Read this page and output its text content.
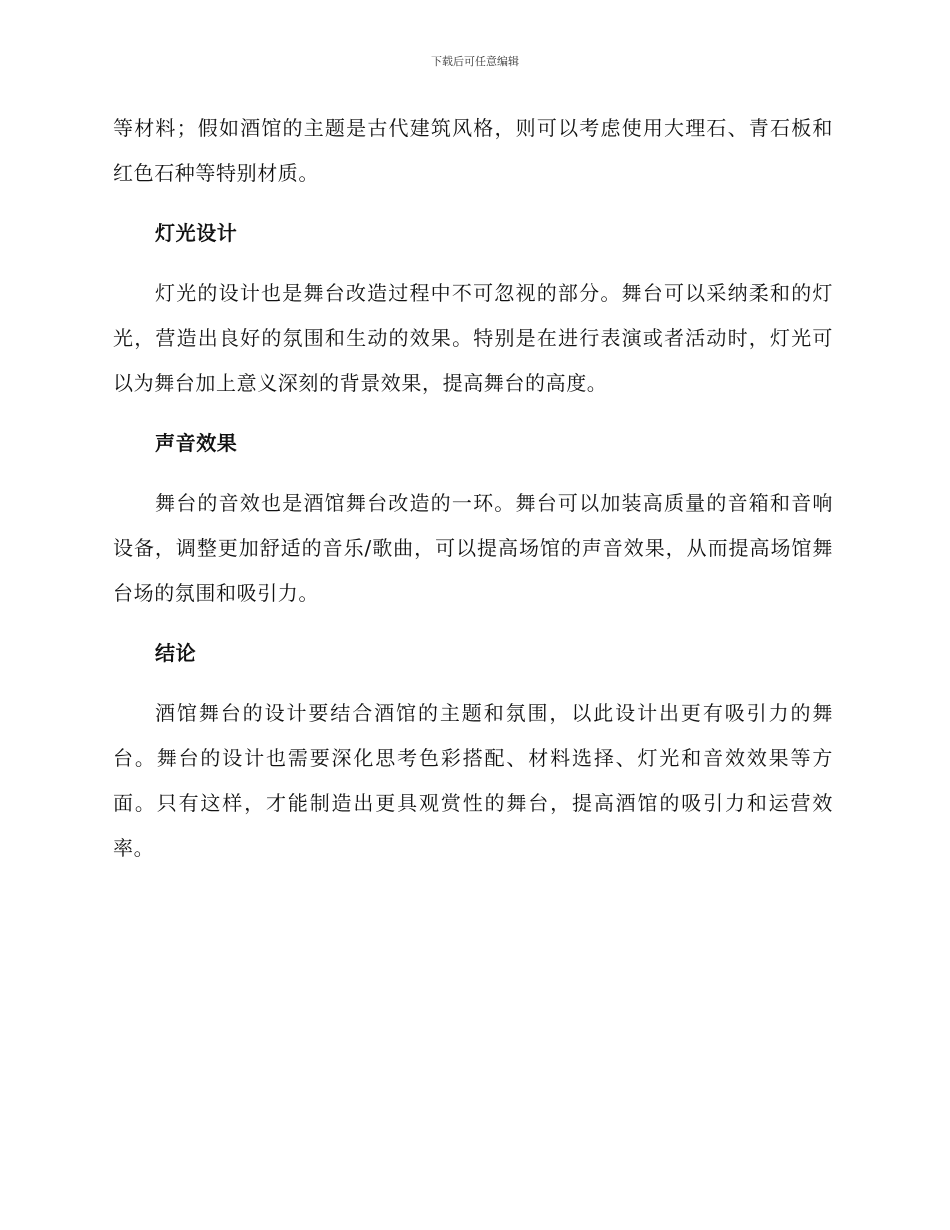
下载后可任意编辑

等材料；假如酒馆的主题是古代建筑风格，则可以考虑使用大理石、青石板和红色石种等特别材质。

灯光设计

灯光的设计也是舞台改造过程中不可忽视的部分。舞台可以采纳柔和的灯光，营造出良好的氛围和生动的效果。特别是在进行表演或者活动时，灯光可以为舞台加上意义深刻的背景效果，提高舞台的高度。

声音效果

舞台的音效也是酒馆舞台改造的一环。舞台可以加装高质量的音箱和音响设备，调整更加舒适的音乐/歌曲，可以提高场馆的声音效果，从而提高场馆舞台场的氛围和吸引力。

结论

酒馆舞台的设计要结合酒馆的主题和氛围，以此设计出更有吸引力的舞台。舞台的设计也需要深化思考色彩搭配、材料选择、灯光和音效效果等方面。只有这样，才能制造出更具观赏性的舞台，提高酒馆的吸引力和运营效率。
